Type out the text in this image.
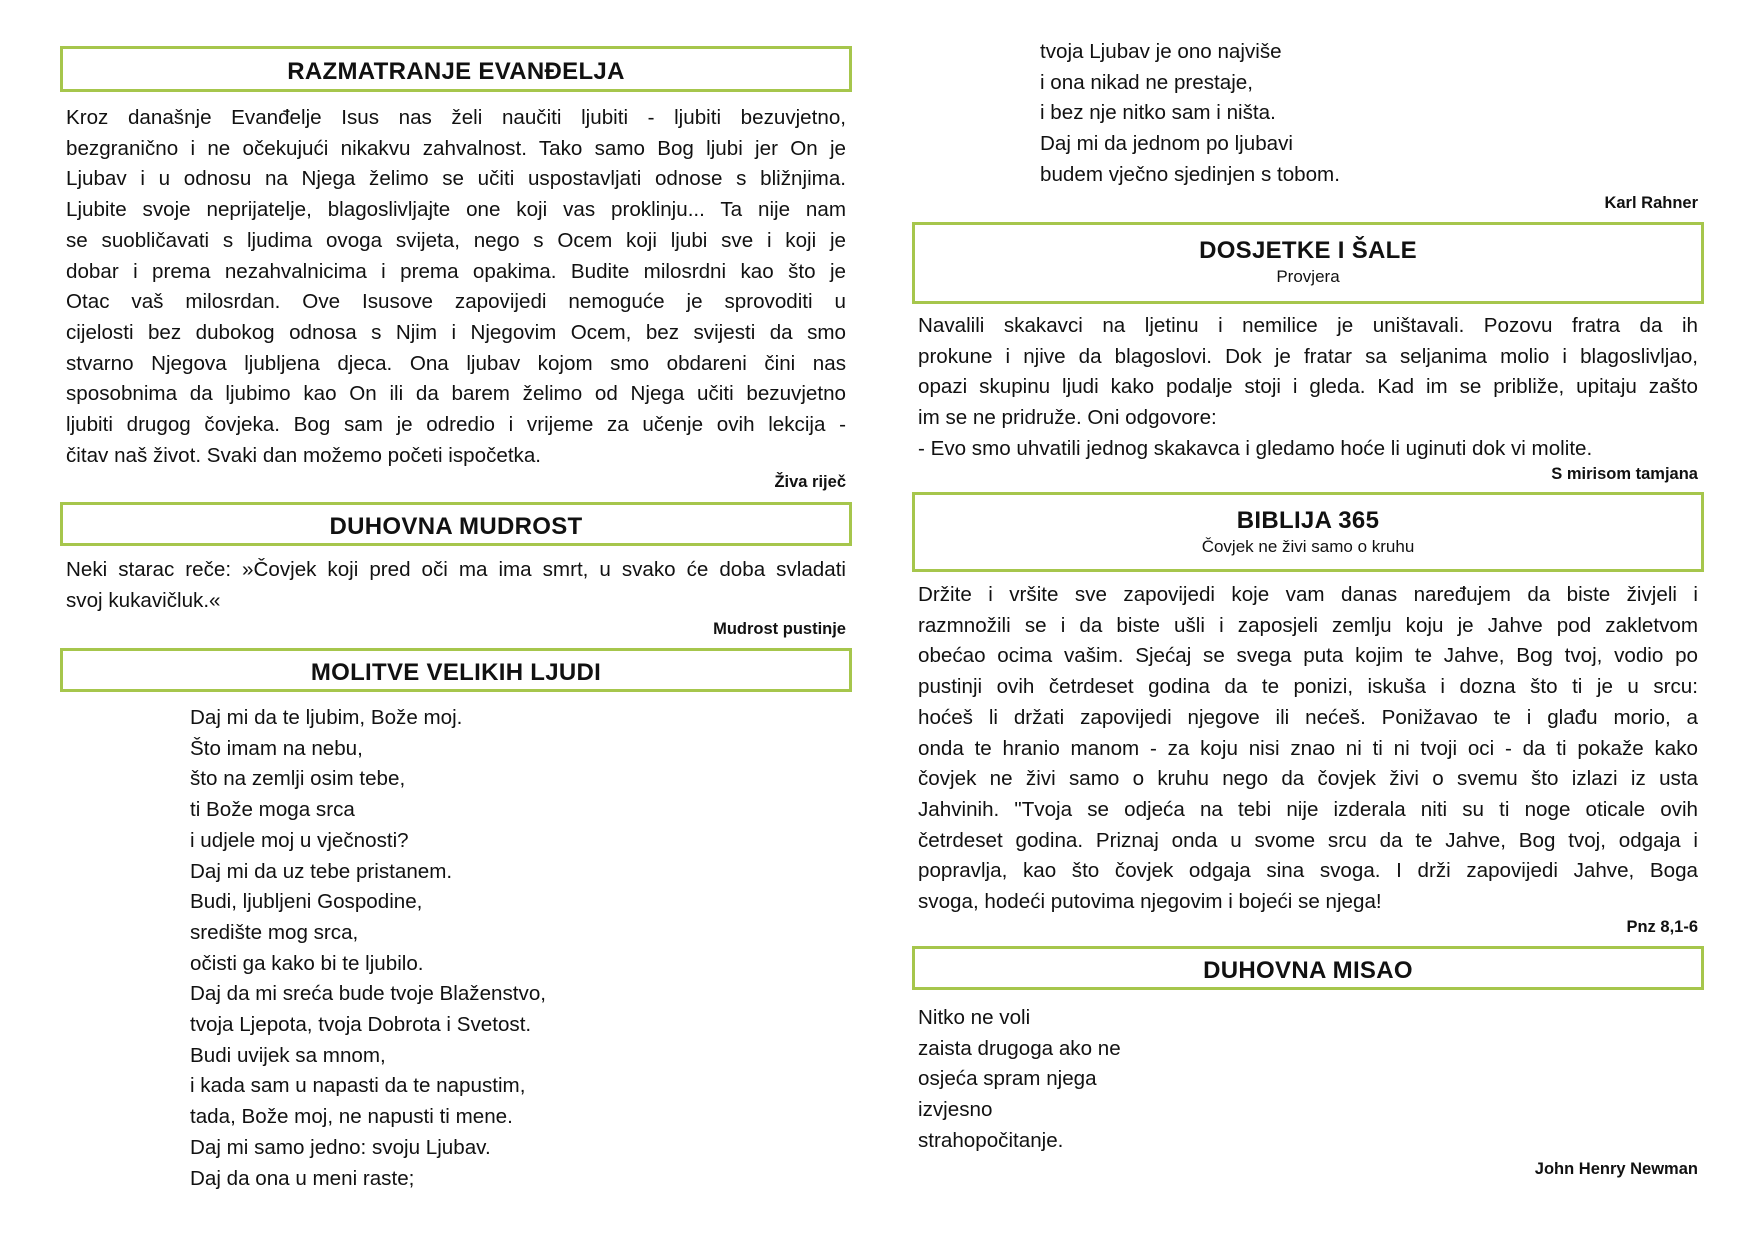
RAZMATRANJE EVANĐELJA
Kroz današnje Evanđelje Isus nas želi naučiti ljubiti - ljubiti bezuvjetno,
bezgranično i ne očekujući nikakvu zahvalnost. Tako samo Bog ljubi jer On je
Ljubav i u odnosu na Njega želimo se učiti uspostavljati odnose s bližnjima.
Ljubite svoje neprijatelje, blagoslivljajte one koji vas proklinju... Ta nije nam
se suobličavati s ljudima ovoga svijeta, nego s Ocem koji ljubi sve i koji je
dobar i prema nezahvalnicima i prema opakima. Budite milosrdni kao što je
Otac vaš milosrdan. Ove Isusove zapovijedi nemoguće je sprovoditi u
cijelosti bez dubokog odnosa s Njim i Njegovim Ocem, bez svijesti da smo
stvarno Njegova ljubljena djeca. Ona ljubav kojom smo obdareni čini nas
sposobnima da ljubimo kao On ili da barem želimo od Njega učiti bezuvjetno
ljubiti drugog čovjeka. Bog sam je odredio i vrijeme za učenje ovih lekcija -
čitav naš život. Svaki dan možemo početi ispočetka.
Živa riječ
DUHOVNA MUDROST
Neki starac reče: »Čovjek koji pred oči ma ima smrt, u svako će doba svladati
svoj kukavičluk.«
Mudrost pustinje
MOLITVE VELIKIH LJUDI
Daj mi da te ljubim, Bože moj.
Što imam na nebu,
što na zemlji osim tebe,
ti Bože moga srca
i udjele moj u vječnosti?
Daj mi da uz tebe pristanem.
Budi, ljubljeni Gospodine,
središte mog srca,
očisti ga kako bi te ljubilo.
Daj da mi sreća bude tvoje Blaženstvo,
tvoja Ljepota, tvoja Dobrota i Svetost.
Budi uvijek sa mnom,
i kada sam u napasti da te napustim,
tada, Bože moj, ne napusti ti mene.
Daj mi samo jedno: svoju Ljubav.
Daj da ona u meni raste;
tvoja Ljubav je ono najviše
i ona nikad ne prestaje,
i bez nje nitko sam i ništa.
Daj mi da jednom po ljubavi
budem vječno sjedinjen s tobom.
Karl Rahner
DOSJETKE I ŠALE
Provjera
Navalili skakavci na ljetinu i nemilice je uništavali. Pozovu fratra da ih
prokune i njive da blagoslovi. Dok je fratar sa seljanima molio i blagoslivljao,
opazi skupinu ljudi kako podalje stoji i gleda. Kad im se približe, upitaju zašto
im se ne pridruže. Oni odgovore:
- Evo smo uhvatili jednog skakavca i gledamo hoće li uginuti dok vi molite.
S mirisom tamjana
BIBLIJA 365
Čovjek ne živi samo o kruhu
Držite i vršite sve zapovijedi koje vam danas naređujem da biste živjeli i
razmnožili se i da biste ušli i zaposjeli zemlju koju je Jahve pod zakletvom
obećao ocima vašim. Sjećaj se svega puta kojim te Jahve, Bog tvoj, vodio po
pustinji ovih četrdeset godina da te ponizi, iskuša i dozna što ti je u srcu:
hoćeš li držati zapovijedi njegove ili nećeš. Ponižavao te i glađu morio, a
onda te hranio manom - za koju nisi znao ni ti ni tvoji oci - da ti pokaže kako
čovjek ne živi samo o kruhu nego da čovjek živi o svemu što izlazi iz usta
Jahvinih. "Tvoja se odjeća na tebi nije izderala niti su ti noge oticale ovih
četrdeset godina. Priznaj onda u svome srcu da te Jahve, Bog tvoj, odgaja i
popravlja, kao što čovjek odgaja sina svoga. I drži zapovijedi Jahve, Boga
svoga, hodeći putovima njegovim i bojeći se njega!
Pnz 8,1-6
DUHOVNA MISAO
Nitko ne voli
zaista drugoga ako ne
osjeća spram njega
izvjesno
strahopočitanje.
John Henry Newman
